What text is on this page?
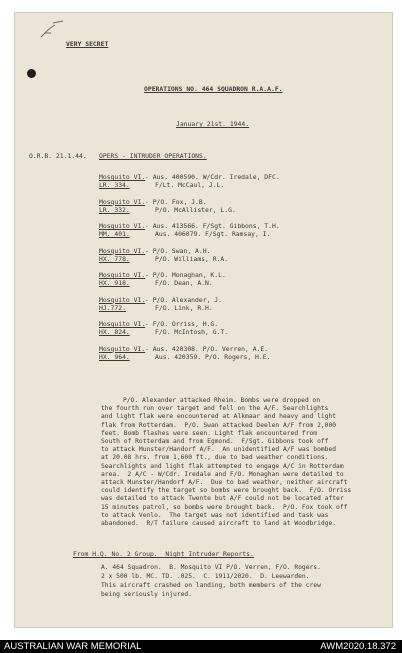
VERY SECRET
OPERATIONS NO. 464 SQUADRON R.A.A.F.
January 21st. 1944.
O.R.B. 21.1.44. OPERS - INTRUDER OPERATIONS.
Mosquito VI.
LR. 334.
- Aus. 400590. W/Cdr. Iredale, DFC.
F/Lt. McCaul, J.L.
Mosquito VI.
LR. 332.
- P/O. Fox, J.B.
P/O. McAllister, L.G.
Mosquito VI.
MM. 401.
- Aus. 413566. F/Sgt. Gibbons, T.H.
Aus. 406079. F/Sgt. Ramsay, I.
Mosquito VI.
HX. 778.
- P/O. Swan, A.H.
P/O. Williams, R.A.
Mosquito VI.
HX. 918.
- P/O. Monaghan, K.L.
F/O. Dean, A.N.
Mosquito VI.
HJ.772.
- P/O. Alexander, J.
F/O. Link, R.H.
Mosquito VI.
HX. 824.
- F/O. Orriss, H.G.
F/O. McIntosh, G.T.
Mosquito VI.
HX. 964.
- Aus. 420308. P/O. Verren, A.E.
Aus. 420359. P/O. Rogers, H.E.
P/O. Alexander attacked Rheim. Bombs were dropped on
the fourth run over target and fell on the A/F. Searchlights
and light flak were encountered at Alkmaar and heavy and light
flak from Rotterdam.  P/O. Swan attacked Deelen A/F from 2,000
feet. Bomb flashes were seen. Light flak encountered from
South of Rotterdam and from Egmond.  F/Sgt. Gibbons took off
to attack Munster/Handorf A/F.  An unidentified A/F was bombed
at 20.08 hrs. from 1,600 ft., due to bad weather conditions.
Searchlights and light flak attempted to engage A/C in Rotterdam
area.  2 A/C - W/Cdr. Iredale and F/O. Monaghan were detailed to
attack Munster/Handorf A/F.  Due to bad weather, neither aircraft
could identify the target so bombs were brought back.  F/O. Orriss
was detailed to attack Twente but A/F could not be located after
15 minutes patrol, so bombs were brought back.  P/O. Fox took off
to attack Venlo.  The target was not identified and task was
abandoned.  R/T failure caused aircraft to land at Woodbridge.
From H.Q. No. 2 Group.  Night Intruder Reports.
A. 464 Squadron.  B. Mosquito VI P/O. Verren, F/O. Rogers.
2 x 500 lb. MC. TD. .025.  C. 1911/2020.  D. Leewarden.
This aircraft crashed on landing, both members of the crew
being seriously injured.
AUSTRALIAN WAR MEMORIAL	AWM2020.18.372
